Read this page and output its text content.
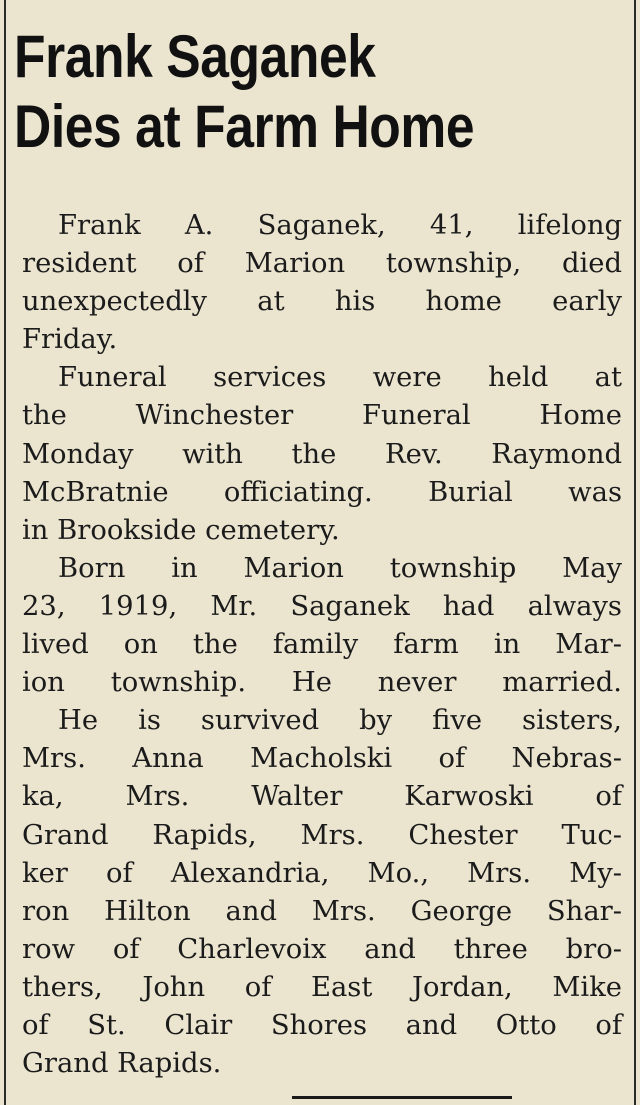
Frank Saganek
Dies at Farm Home

Frank A. Saganek, 41, lifelong
resident of Marion township, died
unexpectedly at his home early
Friday.

Funeral services were held at
the Winchester Funeral Home
Monday with the Rev. Raymond
McBratnie officiating. Burial was
in Brookside cemetery.

Born in Marion township May
23, 1919, Mr. Saganek had always
lived on the family farm in Mar-
ion township. He never married.

He is survived by five sisters,
Mrs. Anna Macholski of Nebras-
ka, Mrs. Walter Karwoski of
Grand Rapids, Mrs. Chester Tuc-
ker of Alexandria, Mo., Mrs. My-
ron Hilton and Mrs. George Shar-
row of Charlevoix and three bro-
thers, John of East Jordan, Mike
of St. Clair Shores and Otto of
Grand Rapids.
